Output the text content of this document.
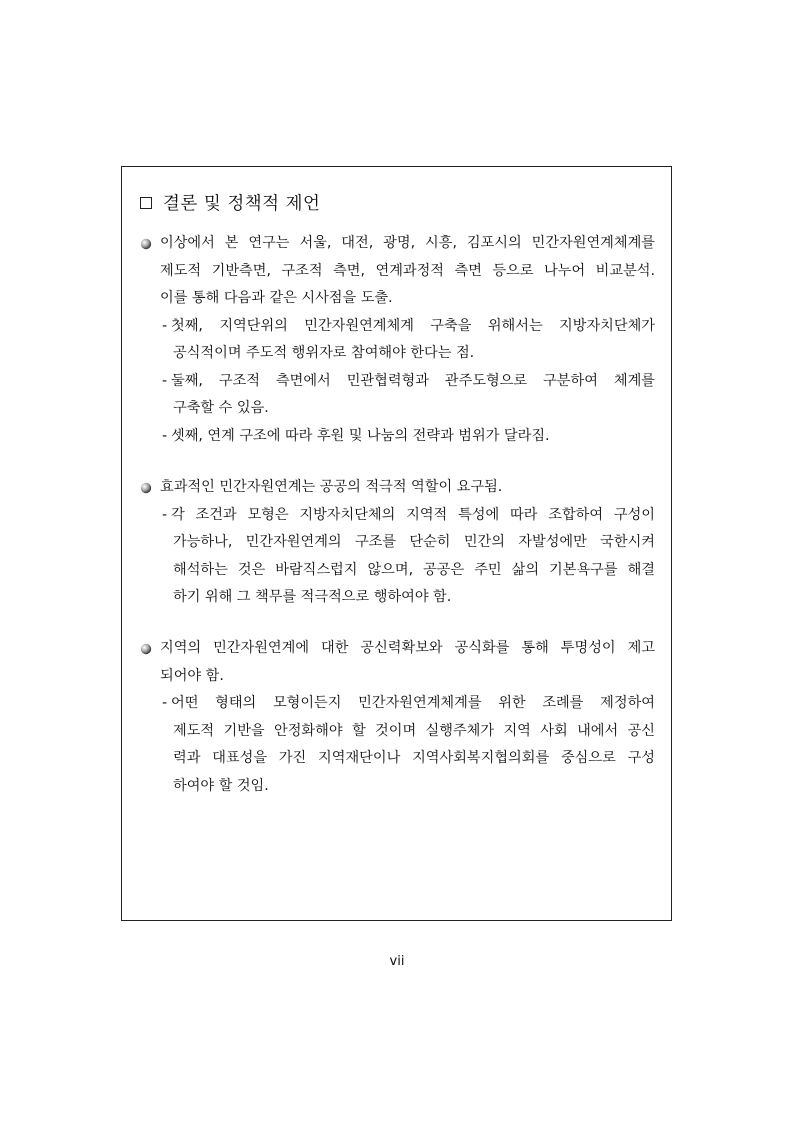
결론 및 정책적 제언
이상에서 본 연구는 서울, 대전, 광명, 시흥, 김포시의 민간자원연계체계를
제도적 기반측면, 구조적 측면, 연계과정적 측면 등으로 나누어 비교분석.
이를 통해 다음과 같은 시사점을 도출.
- 첫째, 지역단위의 민간자원연계체계 구축을 위해서는 지방자치단체가
공식적이며 주도적 행위자로 참여해야 한다는 점.
- 둘째, 구조적 측면에서 민관협력형과 관주도형으로 구분하여 체계를
구축할 수 있음.
- 셋째, 연계 구조에 따라 후원 및 나눔의 전략과 범위가 달라짐.
효과적인 민간자원연계는 공공의 적극적 역할이 요구됨.
- 각 조건과 모형은 지방자치단체의 지역적 특성에 따라 조합하여 구성이
가능하나, 민간자원연계의 구조를 단순히 민간의 자발성에만 국한시켜
해석하는 것은 바람직스럽지 않으며, 공공은 주민 삶의 기본욕구를 해결
하기 위해 그 책무를 적극적으로 행하여야 함.
지역의 민간자원연계에 대한 공신력확보와 공식화를 통해 투명성이 제고
되어야 함.
- 어떤 형태의 모형이든지 민간자원연계체계를 위한 조례를 제정하여
제도적 기반을 안정화해야 할 것이며 실행주체가 지역 사회 내에서 공신
력과 대표성을 가진 지역재단이나 지역사회복지협의회를 중심으로 구성
하여야 할 것임.
vii
